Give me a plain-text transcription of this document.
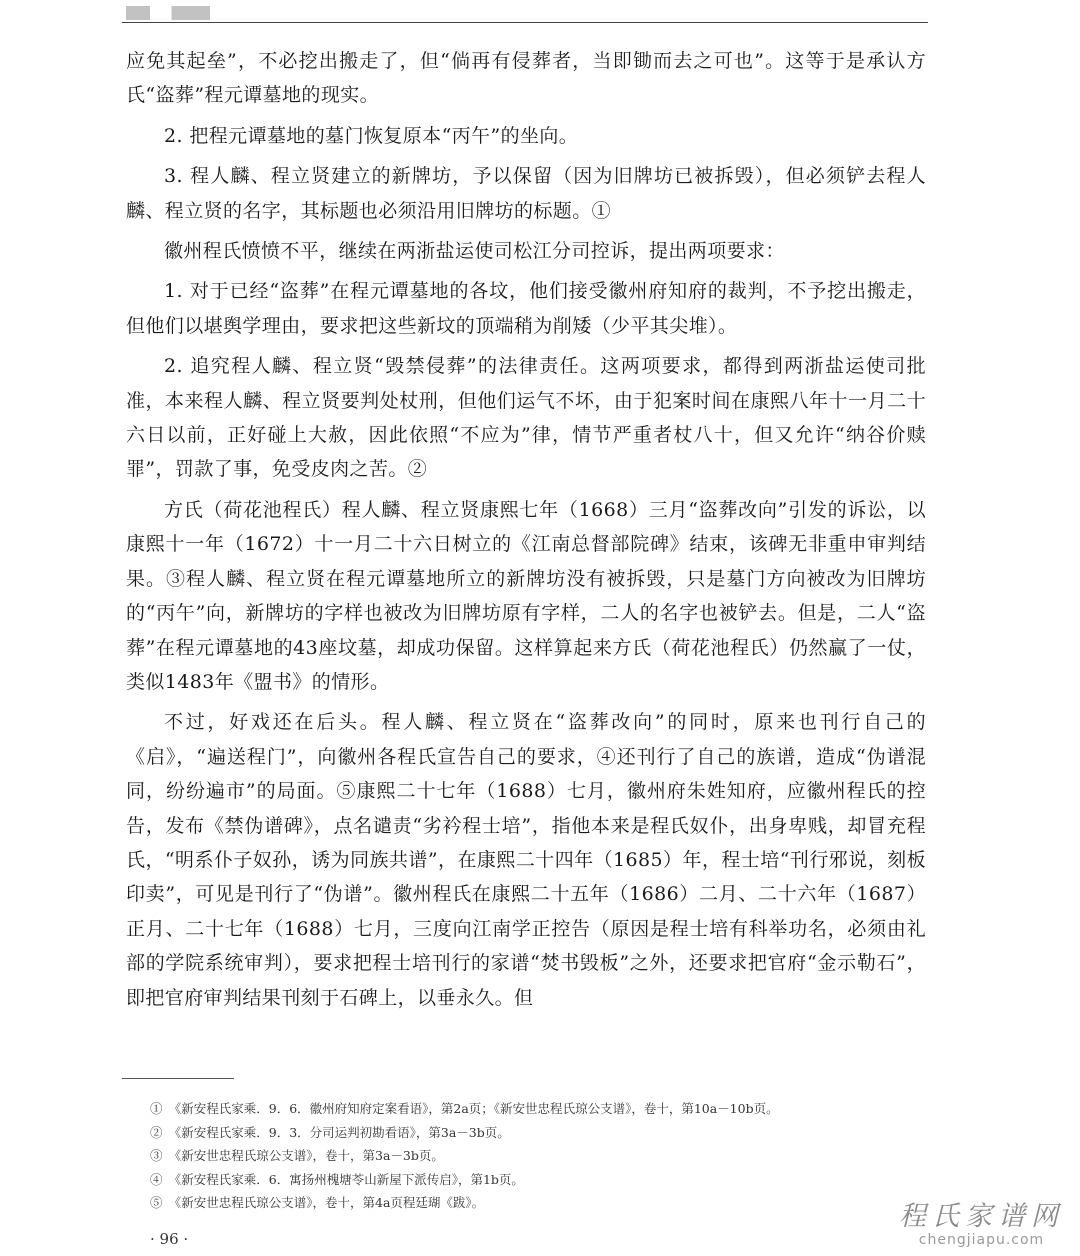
应免其起垒”，不必挖出搬走了，但“倘再有侵葬者，当即锄而去之可也”。这等于是承认方氏“盗葬”程元谭墓地的现实。

2. 把程元谭墓地的墓门恢复原本“丙午”的坐向。

3. 程人麟、程立贤建立的新牌坊，予以保留（因为旧牌坊已被拆毁），但必须铲去程人麟、程立贤的名字，其标题也必须沿用旧牌坊的标题。①

徽州程氏愤愤不平，继续在两浙盐运使司松江分司控诉，提出两项要求：

1. 对于已经“盗葬”在程元谭墓地的各坟，他们接受徽州府知府的裁判，不予挖出搬走，但他们以堪舆学理由，要求把这些新坟的顶端稍为削矮（少平其尖堆）。

2. 追究程人麟、程立贤“毁禁侵葬”的法律责任。这两项要求，都得到两浙盐运使司批准，本来程人麟、程立贤要判处杖刑，但他们运气不坏，由于犯案时间在康熙八年十一月二十六日以前，正好碰上大赦，因此依照“不应为”律，情节严重者杖八十，但又允许“纳谷价赎罪”，罚款了事，免受皮肉之苦。②

方氏（荷花池程氏）程人麟、程立贤康熙七年（1668）三月“盗葬改向”引发的诉讼，以康熙十一年（1672）十一月二十六日树立的《江南总督部院碑》结束，该碑无非重申审判结果。③程人麟、程立贤在程元谭墓地所立的新牌坊没有被拆毁，只是墓门方向被改为旧牌坊的“丙午”向，新牌坊的字样也被改为旧牌坊原有字样，二人的名字也被铲去。但是，二人“盗葬”在程元谭墓地的43座坟墓，却成功保留。这样算起来方氏（荷花池程氏）仍然赢了一仗，类似1483年《盟书》的情形。

不过，好戏还在后头。程人麟、程立贤在“盗葬改向”的同时，原来也刊行自己的《启》，“遍送程门”，向徽州各程氏宣告自己的要求，④还刊行了自己的族谱，造成“伪谱混同，纷纷遍市”的局面。⑤康熙二十七年（1688）七月，徽州府朱姓知府，应徽州程氏的控告，发布《禁伪谱碑》，点名谴责“劣衿程士培”，指他本来是程氏奴仆，出身卑贱，却冒充程氏，“明系仆子奴孙，诱为同族共谱”，在康熙二十四年（1685）年，程士培“刊行邪说，刻板印卖”，可见是刊行了“伪谱”。徽州程氏在康熙二十五年（1686）二月、二十六年（1687）正月、二十七年（1688）七月，三度向江南学正控告（原因是程士培有科举功名，必须由礼部的学院系统审判），要求把程士培刊行的家谱“焚书毁板”之外，还要求把官府“金示勒石”，即把官府审判结果刊刻于石碑上，以垂永久。但

①　《新安程氏家乘．9．6．徽州府知府定案看语》，第2a页；《新安世忠程氏琼公支谱》，卷十，第10a－10b页。
②　《新安程氏家乘．9．3．分司运判初勘看语》，第3a－3b页。
③　《新安世忠程氏琼公支谱》，卷十，第3a－3b页。
④　《新安程氏家乘．6．寓扬州槐塘苓山新屋下派传启》，第1b页。
⑤　《新安世忠程氏琼公支谱》，卷十，第4a页程廷瑚《跋》。
· 96 ·
程氏家谱网
chengjiapu.com
